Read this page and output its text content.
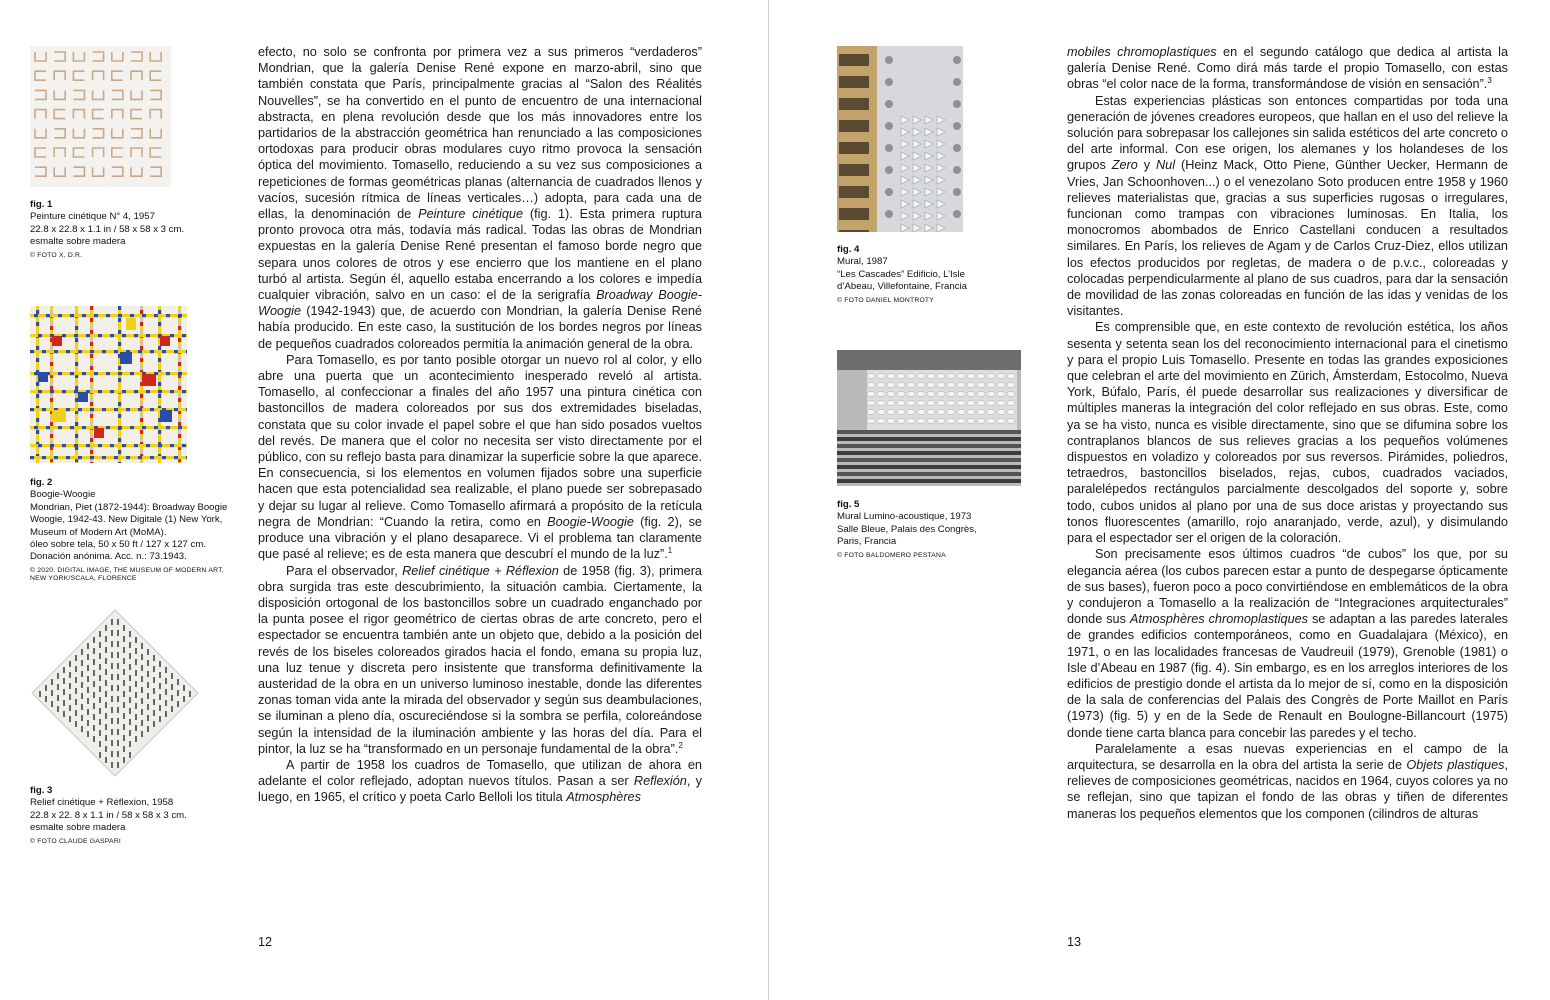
fig. 1
Peinture cinétique N° 4, 1957
22.8 x 22.8 x 1.1 in / 58 x 58 x 3 cm.
esmalte sobre madera
© FOTO X, D.R.
fig. 2
Boogie-Woogie
Mondrian, Piet (1872-1944): Broadway Boogie
Woogie, 1942-43. New Digitale (1) New York,
Museum of Modern Art (MoMA).
óleo sobre tela, 50 x 50 ft / 127 x 127 cm.
Donación anónima. Acc. n.: 73.1943.
© 2020. DIGITAL IMAGE, THE MUSEUM OF MODERN ART,
NEW YORK/SCALA, FLORENCE
fig. 3
Relief cinétique + Réflexion, 1958
22.8 x 22. 8 x 1.1 in / 58 x 58 x 3 cm.
esmalte sobre madera
© FOTO CLAUDE GASPARI

efecto, no solo se confronta por primera vez a sus primeros “verdaderos” Mondrian, que la galería Denise René expone en marzo-abril, sino que también constata que París, principalmente gracias al “Salon des Réalités Nouvelles”, se ha convertido en el punto de encuentro de una internacional abstracta, en plena revolución desde que los más innovadores entre los partidarios de la abstracción geométrica han renunciado a las composiciones ortodoxas para producir obras modulares cuyo ritmo provoca la sensación óptica del movimiento. Tomasello, reduciendo a su vez sus composiciones a repeticiones de formas geométricas planas (alternancia de cuadrados llenos y vacíos, sucesión rítmica de líneas verticales…) adopta, para cada una de ellas, la denominación de Peinture cinétique (fig. 1). Esta primera ruptura pronto provoca otra más, todavía más radical. Todas las obras de Mondrian expuestas en la galería Denise René presentan el famoso borde negro que separa unos colores de otros y ese encierro que los mantiene en el plano turbó al artista. Según él, aquello estaba encerrando a los colores e impedía cualquier vibración, salvo en un caso: el de la serigrafía Broadway Boogie-Woogie (1942-1943) que, de acuerdo con Mondrian, la galería Denise René había producido. En este caso, la sustitución de los bordes negros por líneas de pequeños cuadrados coloreados permitía la animación general de la obra.

Para Tomasello, es por tanto posible otorgar un nuevo rol al color, y ello abre una puerta que un acontecimiento inesperado reveló al artista. Tomasello, al confeccionar a finales del año 1957 una pintura cinética con bastoncillos de madera coloreados por sus dos extremidades biseladas, constata que su color invade el papel sobre el que han sido posados vueltos del revés. De manera que el color no necesita ser visto directamente por el público, con su reflejo basta para dinamizar la superficie sobre la que aparece. En consecuencia, si los elementos en volumen fijados sobre una superficie hacen que esta potencialidad sea realizable, el plano puede ser sobrepasado y dejar su lugar al relieve. Como Tomasello afirmará a propósito de la retícula negra de Mondrian: “Cuando la retira, como en Boogie-Woogie (fig. 2), se produce una vibración y el plano desaparece. Vi el problema tan claramente que pasé al relieve; es de esta manera que descubrí el mundo de la luz”.$^1$

Para el observador, Relief cinétique + Réflexion de 1958 (fig. 3), primera obra surgida tras este descubrimiento, la situación cambia. Ciertamente, la disposición ortogonal de los bastoncillos sobre un cuadrado enganchado por la punta posee el rigor geométrico de ciertas obras de arte concreto, pero el espectador se encuentra también ante un objeto que, debido a la posición del revés de los biseles coloreados girados hacia el fondo, emana su propia luz, una luz tenue y discreta pero insistente que transforma definitivamente la austeridad de la obra en un universo luminoso inestable, donde las diferentes zonas toman vida ante la mirada del observador y según sus deambulaciones, se iluminan a pleno día, oscureciéndose si la sombra se perfila, coloreándose según la intensidad de la iluminación ambiente y las horas del día. Para el pintor, la luz se ha “transformado en un personaje fundamental de la obra”.$^2$

A partir de 1958 los cuadros de Tomasello, que utilizan de ahora en adelante el color reflejado, adoptan nuevos títulos. Pasan a ser Reflexión, y luego, en 1965, el crítico y poeta Carlo Belloli los titula Atmosphères

12
fig. 4
Mural, 1987
“Les Cascades” Edificio, L’Isle
d’Abeau, Villefontaine, Francia
© FOTO DANIEL MONTROTY
fig. 5
Mural Lumino-acoustique, 1973
Salle Bleue, Palais des Congrès,
Paris, Francia
© FOTO BALDOMERO PESTANA

mobiles chromoplastiques en el segundo catálogo que dedica al artista la galería Denise René. Como dirá más tarde el propio Tomasello, con estas obras “el color nace de la forma, transformándose de visión en sensación”.$^3$

Estas experiencias plásticas son entonces compartidas por toda una generación de jóvenes creadores europeos, que hallan en el uso del relieve la solución para sobrepasar los callejones sin salida estéticos del arte concreto o del arte informal. Con ese origen, los alemanes y los holandeses de los grupos Zero y Nul (Heinz Mack, Otto Piene, Günther Uecker, Hermann de Vries, Jan Schoonhoven...) o el venezolano Soto producen entre 1958 y 1960 relieves materialistas que, gracias a sus superficies rugosas o irregulares, funcionan como trampas con vibraciones luminosas. En Italia, los monocromos abombados de Enrico Castellani conducen a resultados similares. En París, los relieves de Agam y de Carlos Cruz-Diez, ellos utilizan los efectos producidos por regletas, de madera o de p.v.c., coloreadas y colocadas perpendicularmente al plano de sus cuadros, para dar la sensación de movilidad de las zonas coloreadas en función de las idas y venidas de los visitantes.

Es comprensible que, en este contexto de revolución estética, los años sesenta y setenta sean los del reconocimiento internacional para el cinetismo y para el propio Luis Tomasello. Presente en todas las grandes exposiciones que celebran el arte del movimiento en Zürich, Ámsterdam, Estocolmo, Nueva York, Búfalo, París, él puede desarrollar sus realizaciones y diversificar de múltiples maneras la integración del color reflejado en sus obras. Este, como ya se ha visto, nunca es visible directamente, sino que se difumina sobre los contraplanos blancos de sus relieves gracias a los pequeños volúmenes dispuestos en voladizo y coloreados por sus reversos. Pirámides, poliedros, tetraedros, bastoncillos biselados, rejas, cubos, cuadrados vaciados, paralelépedos rectángulos parcialmente descolgados del soporte y, sobre todo, cubos unidos al plano por una de sus doce aristas y proyectando sus tonos fluorescentes (amarillo, rojo anaranjado, verde, azul), y disimulando para el espectador ser el origen de la coloración.

Son precisamente esos últimos cuadros “de cubos” los que, por su elegancia aérea (los cubos parecen estar a punto de despegarse ópticamente de sus bases), fueron poco a poco convirtiéndose en emblemáticos de la obra y condujeron a Tomasello a la realización de “Integraciones arquitecturales” donde sus Atmosphères chromoplastiques se adaptan a las paredes laterales de grandes edificios contemporáneos, como en Guadalajara (México), en 1971, o en las localidades francesas de Vaudreuil (1979), Grenoble (1981) o Isle d’Abeau en 1987 (fig. 4). Sin embargo, es en los arreglos interiores de los edificios de prestigio donde el artista da lo mejor de sí, como en la disposición de la sala de conferencias del Palais des Congrès de Porte Maillot en París (1973) (fig. 5) y en de la Sede de Renault en Boulogne-Billancourt (1975) donde tiene carta blanca para concebir las paredes y el techo.

Paralelamente a esas nuevas experiencias en el campo de la arquitectura, se desarrolla en la obra del artista la serie de Objets plastiques, relieves de composiciones geométricas, nacidos en 1964, cuyos colores ya no se reflejan, sino que tapizan el fondo de las obras y tiñen de diferentes maneras los pequeños elementos que los componen (cilindros de alturas

13
